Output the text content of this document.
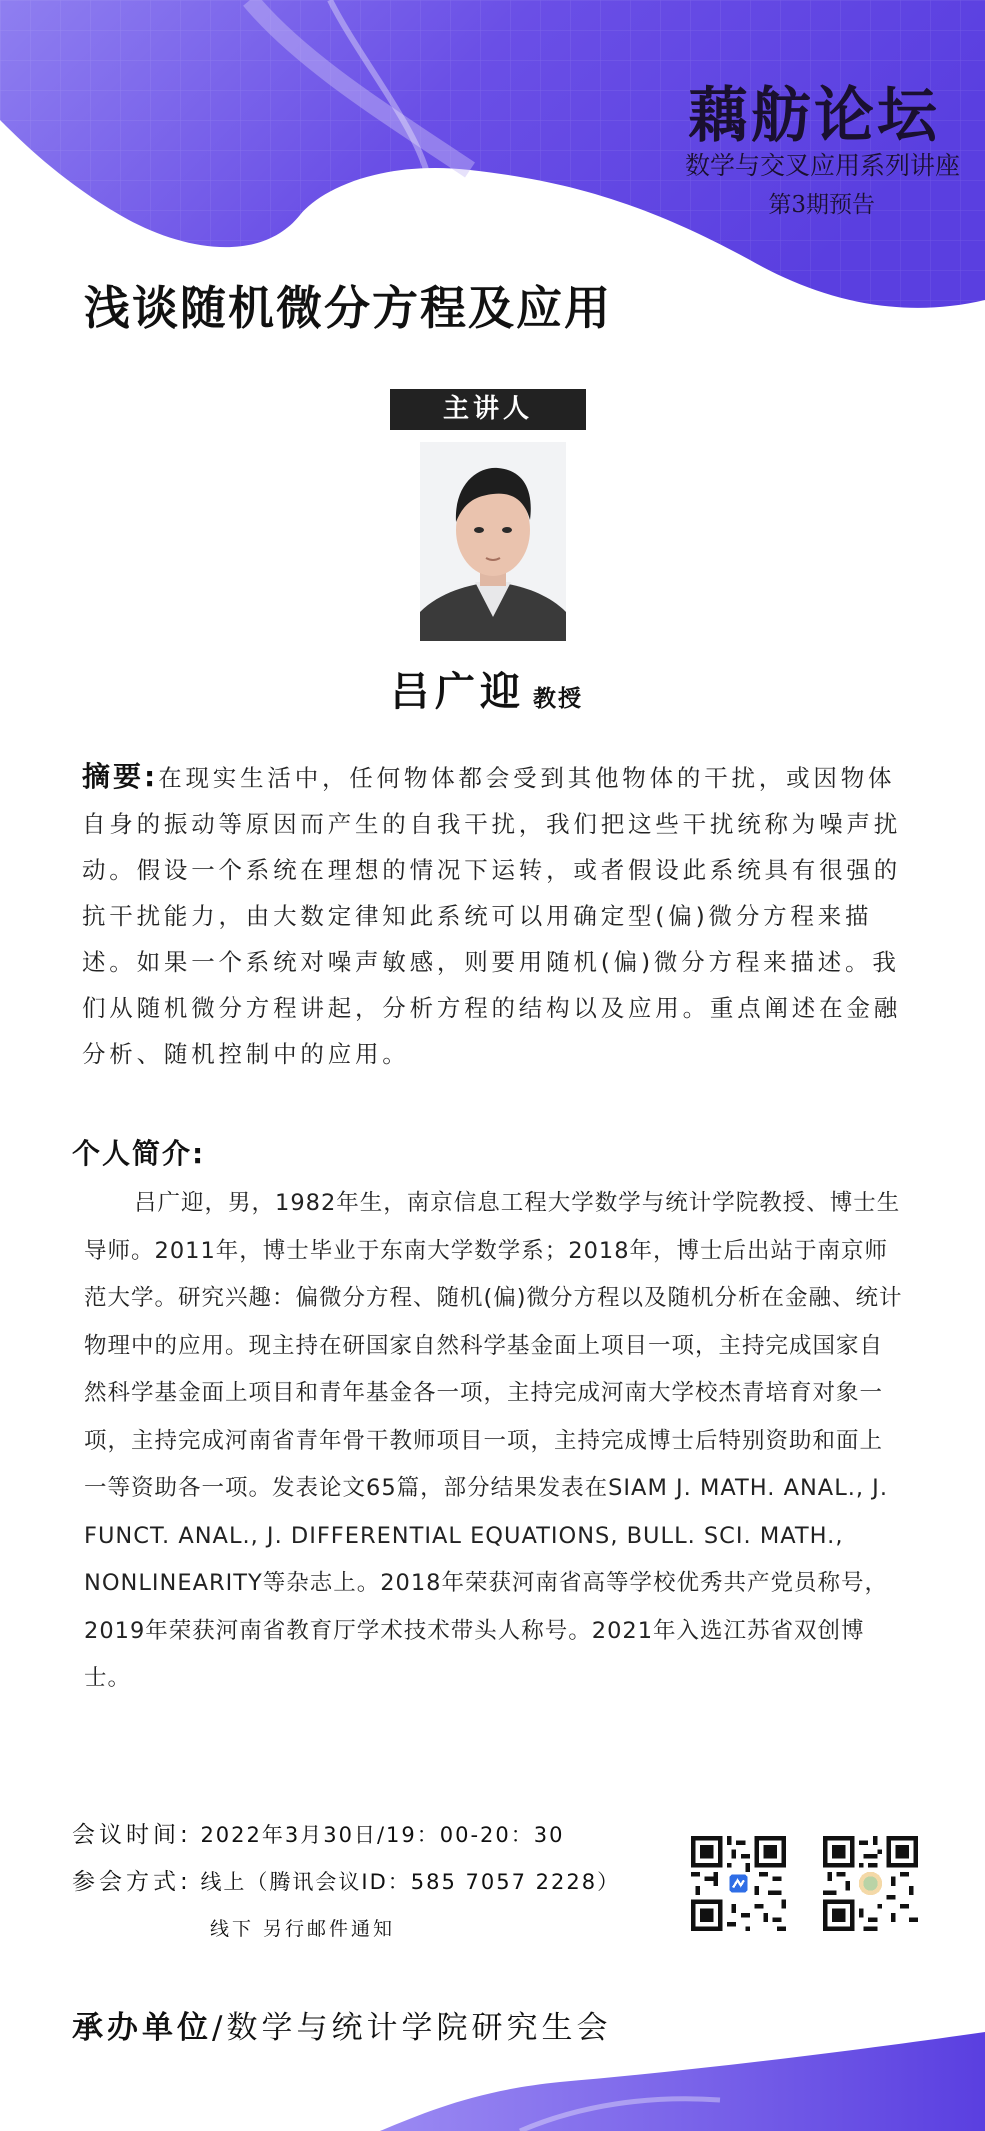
藕舫论坛
数学与交叉应用系列讲座
第3期预告
浅谈随机微分方程及应用
主讲人
吕广迎 教授
摘要:在现实生活中，任何物体都会受到其他物体的干扰，或因物体自身的振动等原因而产生的自我干扰，我们把这些干扰统称为噪声扰动。假设一个系统在理想的情况下运转，或者假设此系统具有很强的抗干扰能力，由大数定律知此系统可以用确定型(偏)微分方程来描述。如果一个系统对噪声敏感，则要用随机(偏)微分方程来描述。我们从随机微分方程讲起，分析方程的结构以及应用。重点阐述在金融分析、随机控制中的应用。
个人简介:
吕广迎，男，1982年生，南京信息工程大学数学与统计学院教授、博士生导师。2011年，博士毕业于东南大学数学系；2018年，博士后出站于南京师范大学。研究兴趣：偏微分方程、随机(偏)微分方程以及随机分析在金融、统计物理中的应用。现主持在研国家自然科学基金面上项目一项，主持完成国家自然科学基金面上项目和青年基金各一项，主持完成河南大学校杰青培育对象一项，主持完成河南省青年骨干教师项目一项，主持完成博士后特别资助和面上一等资助各一项。发表论文65篇，部分结果发表在SIAM J. MATH. ANAL., J. FUNCT. ANAL., J. DIFFERENTIAL EQUATIONS, BULL. SCI. MATH., NONLINEARITY等杂志上。2018年荣获河南省高等学校优秀共产党员称号，2019年荣获河南省教育厅学术技术带头人称号。2021年入选江苏省双创博士。
会议时间: 2022年3月30日/19：00-20：30
参会方式: 线上（腾讯会议ID：585 7057 2228）
线下 另行邮件通知
承办单位/数学与统计学院研究生会
